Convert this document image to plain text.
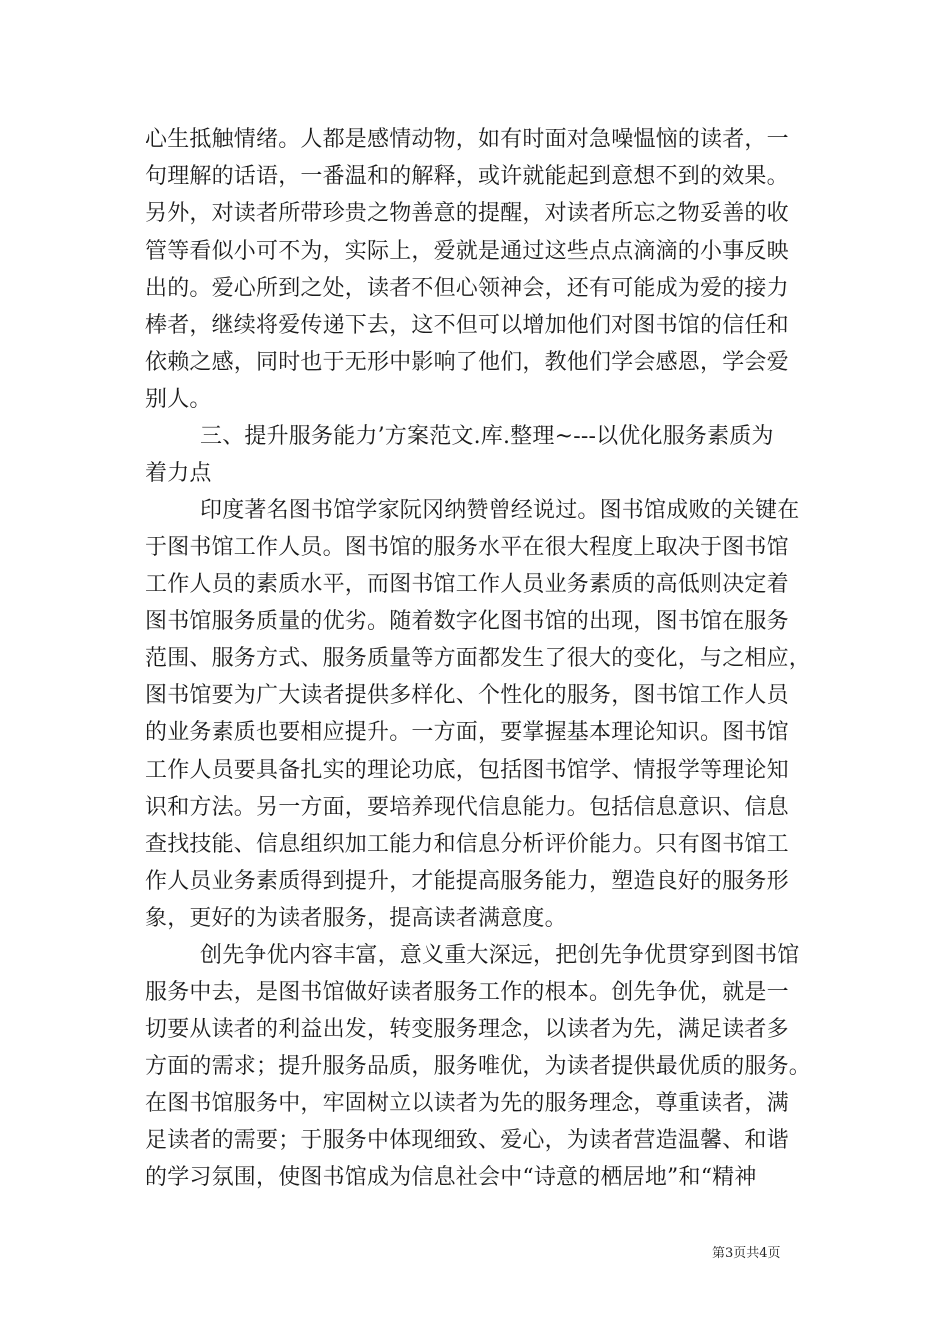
心生抵触情绪。人都是感情动物，如有时面对急噪愠恼的读者，一
句理解的话语，一番温和的解释，或许就能起到意想不到的效果。
另外，对读者所带珍贵之物善意的提醒，对读者所忘之物妥善的收
管等看似小可不为，实际上，爱就是通过这些点点滴滴的小事反映
出的。爱心所到之处，读者不但心领神会，还有可能成为爱的接力
棒者，继续将爱传递下去，这不但可以增加他们对图书馆的信任和
依赖之感，同时也于无形中影响了他们，教他们学会感恩，学会爱
别人。
三、提升服务能力’方案范文.库.整理~---以优化服务素质为
着力点
印度著名图书馆学家阮冈纳赞曾经说过。图书馆成败的关键在
于图书馆工作人员。图书馆的服务水平在很大程度上取决于图书馆
工作人员的素质水平，而图书馆工作人员业务素质的高低则决定着
图书馆服务质量的优劣。随着数字化图书馆的出现，图书馆在服务
范围、服务方式、服务质量等方面都发生了很大的变化，与之相应，
图书馆要为广大读者提供多样化、个性化的服务，图书馆工作人员
的业务素质也要相应提升。一方面，要掌握基本理论知识。图书馆
工作人员要具备扎实的理论功底，包括图书馆学、情报学等理论知
识和方法。另一方面，要培养现代信息能力。包括信息意识、信息
查找技能、信息组织加工能力和信息分析评价能力。只有图书馆工
作人员业务素质得到提升，才能提高服务能力，塑造良好的服务形
象，更好的为读者服务，提高读者满意度。
创先争优内容丰富，意义重大深远，把创先争优贯穿到图书馆
服务中去，是图书馆做好读者服务工作的根本。创先争优，就是一
切要从读者的利益出发，转变服务理念，以读者为先，满足读者多
方面的需求；提升服务品质，服务唯优，为读者提供最优质的服务。
在图书馆服务中，牢固树立以读者为先的服务理念，尊重读者，满
足读者的需要；于服务中体现细致、爱心，为读者营造温馨、和谐
的学习氛围，使图书馆成为信息社会中“诗意的栖居地”和“精神
第3页共4页
